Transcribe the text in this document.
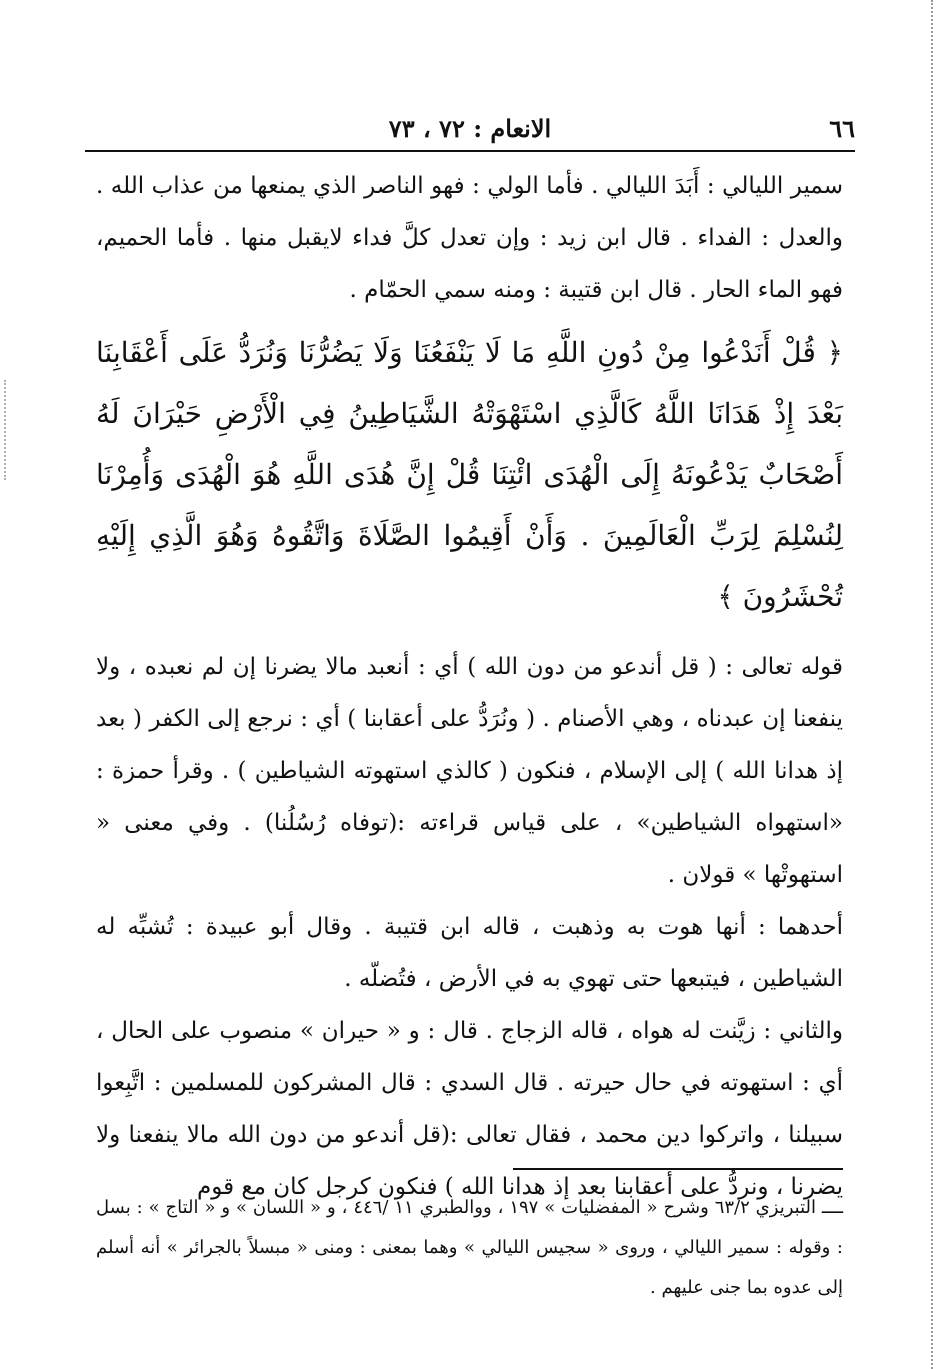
٦٦
الانعام : ٧٢ ، ٧٣

سمير الليالي : أَبَدَ الليالي . فأما الولي : فهو الناصر الذي يمنعها من عذاب الله . والعدل : الفداء . قال ابن زيد : وإن تعدل كلَّ فداء لايقبل منها . فأما الحميم، فهو الماء الحار . قال ابن قتيبة : ومنه سمي الحمّام .

﴿ قُلْ أَنَدْعُوا مِنْ دُونِ اللَّهِ مَا لَا يَنْفَعُنَا وَلَا يَضُرُّنَا وَنُرَدُّ عَلَى أَعْقَابِنَا بَعْدَ إِذْ هَدَانَا اللَّهُ كَالَّذِي اسْتَهْوَتْهُ الشَّيَاطِينُ فِي الْأَرْضِ حَيْرَانَ لَهُ أَصْحَابٌ يَدْعُونَهُ إِلَى الْهُدَى ائْتِنَا قُلْ إِنَّ هُدَى اللَّهِ هُوَ الْهُدَى وَأُمِرْنَا لِنُسْلِمَ لِرَبِّ الْعَالَمِينَ . وَأَنْ أَقِيمُوا الصَّلَاةَ وَاتَّقُوهُ وَهُوَ الَّذِي إِلَيْهِ تُحْشَرُونَ ﴾

قوله تعالى : ( قل أندعو من دون الله ) أي : أنعبد مالا يضرنا إن لم نعبده ، ولا ينفعنا إن عبدناه ، وهي الأصنام . ( ونُرَدُّ على أعقابنا ) أي : نرجع إلى الكفر ( بعد إذ هدانا الله ) إلى الإسلام ، فنكون ( كالذي استهوته الشياطين ) . وقرأ حمزة : «استهواه الشياطين» ، على قياس قراءته :(توفاه رُسُلُنا) . وفي معنى « استهوتْها » قولان .

أحدهما : أنها هوت به وذهبت ، قاله ابن قتيبة . وقال أبو عبيدة : تُشبِّه له الشياطين ، فيتبعها حتى تهوي به في الأرض ، فتُضلّه .

والثاني : زيَّنت له هواه ، قاله الزجاج . قال : و « حيران » منصوب على الحال ، أي : استهوته في حال حيرته . قال السدي : قال المشركون للمسلمين : اتَّبِعوا سبيلنا ، واتركوا دين محمد ، فقال تعالى :(قل أندعو من دون الله مالا ينفعنا ولا يضرنا ، ونردُّ على أعقابنا بعد إذ هدانا الله ) فنكون كرجل كان مع قوم

ــــ التبريزي ٦٣/٢ وشرح « المفضليات » ١٩٧ ، ووالطبري ١١ /٤٤٦ ، و « اللسان » و « التاج » : بسل : وقوله : سمير الليالي ، وروى « سجيس الليالي » وهما بمعنى : ومنى « مبسلاً بالجرائر » أنه أسلم إلى عدوه بما جنى عليهم .
